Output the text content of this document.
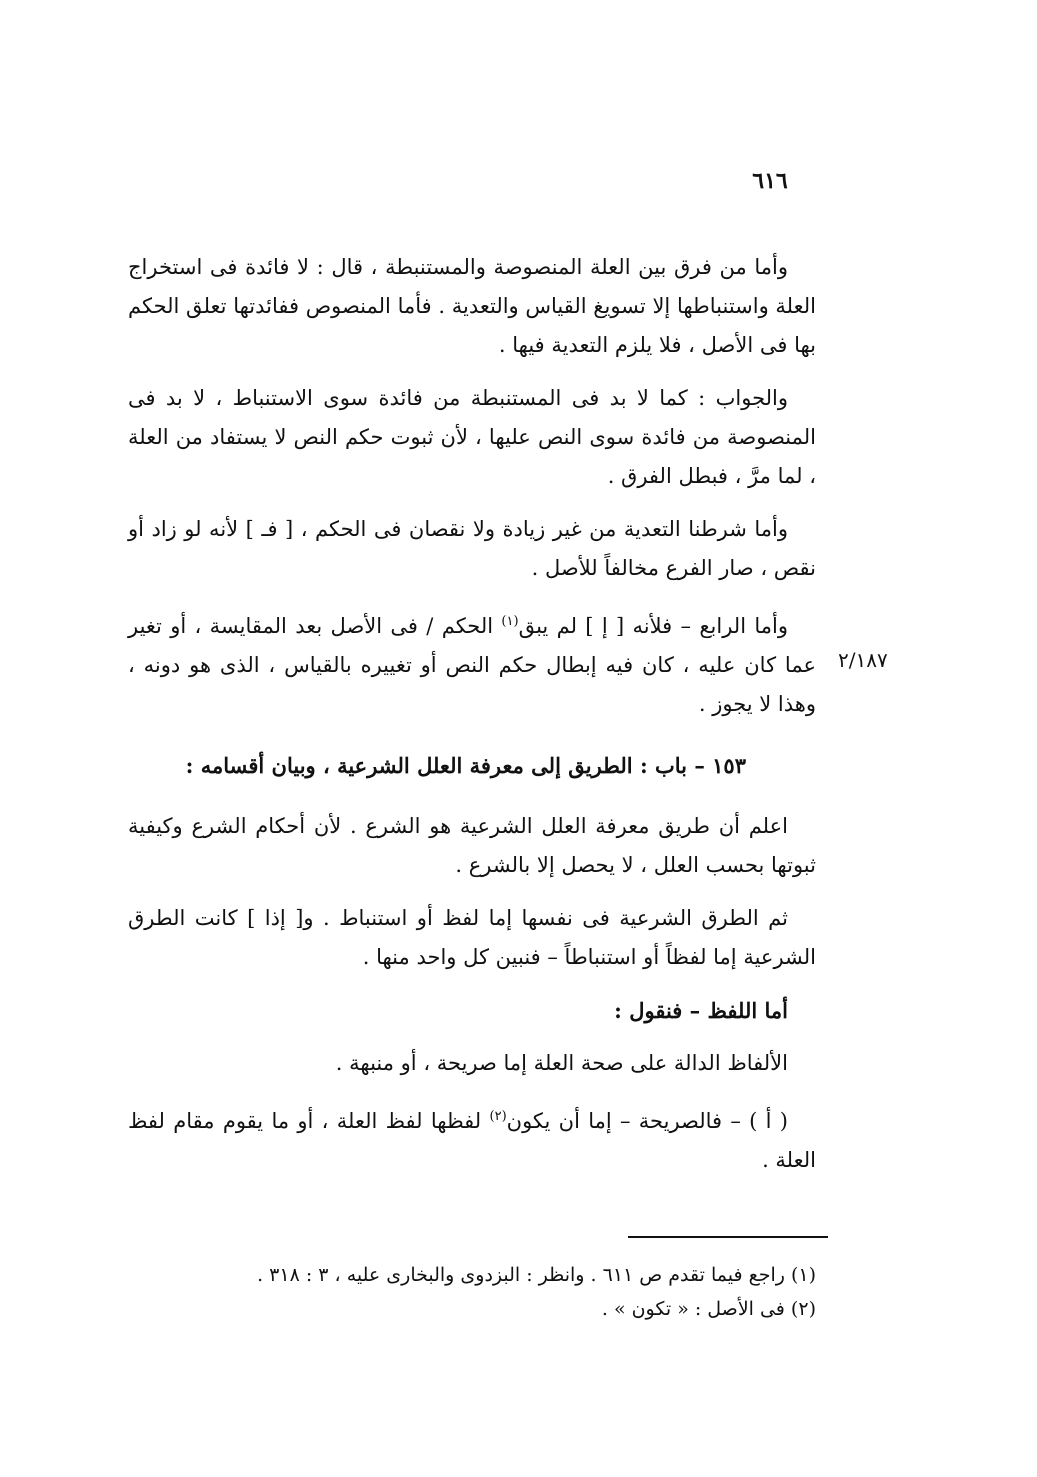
٦١٦
٢/١٨٧

وأما من فرق بين العلة المنصوصة والمستنبطة ، قال : لا فائدة فى استخراج العلة واستنباطها إلا تسويغ القياس والتعدية . فأما المنصوص ففائدتها تعلق الحكم بها فى الأصل ، فلا يلزم التعدية فيها .

والجواب : كما لا بد فى المستنبطة من فائدة سوى الاستنباط ، لا بد فى المنصوصة من فائدة سوى النص عليها ، لأن ثبوت حكم النص لا يستفاد من العلة ، لما مرَّ ، فبطل الفرق .

وأما شرطنا التعدية من غير زيادة ولا نقصان فى الحكم ، [ فـ ] لأنه لو زاد أو نقص ، صار الفرع مخالفاً للأصل .

وأما الرابع – فلأنه [ إ ] لم يبق$^{(١)}$ الحكم / فى الأصل بعد المقايسة ، أو تغير عما كان عليه ، كان فيه إبطال حكم النص أو تغييره بالقياس ، الذى هو دونه ، وهذا لا يجوز .

١٥٣ – باب : الطريق إلى معرفة العلل الشرعية ، وبيان أقسامه :

اعلم أن طريق معرفة العلل الشرعية هو الشرع . لأن أحكام الشرع وكيفية ثبوتها بحسب العلل ، لا يحصل إلا بالشرع .

ثم الطرق الشرعية فى نفسها إما لفظ أو استنباط . و[ إذا ] كانت الطرق الشرعية إما لفظاً أو استنباطاً – فنبين كل واحد منها .

أما اللفظ – فنقول :

الألفاظ الدالة على صحة العلة إما صريحة ، أو منبهة .

( أ ) – فالصريحة – إما أن يكون$^{(٢)}$ لفظها لفظ العلة ، أو ما يقوم مقام لفظ العلة .

(١) راجع فيما تقدم ص ٦١١ . وانظر : البزدوى والبخارى عليه ، ٣ : ٣١٨ .

(٢) فى الأصل : « تكون » .
